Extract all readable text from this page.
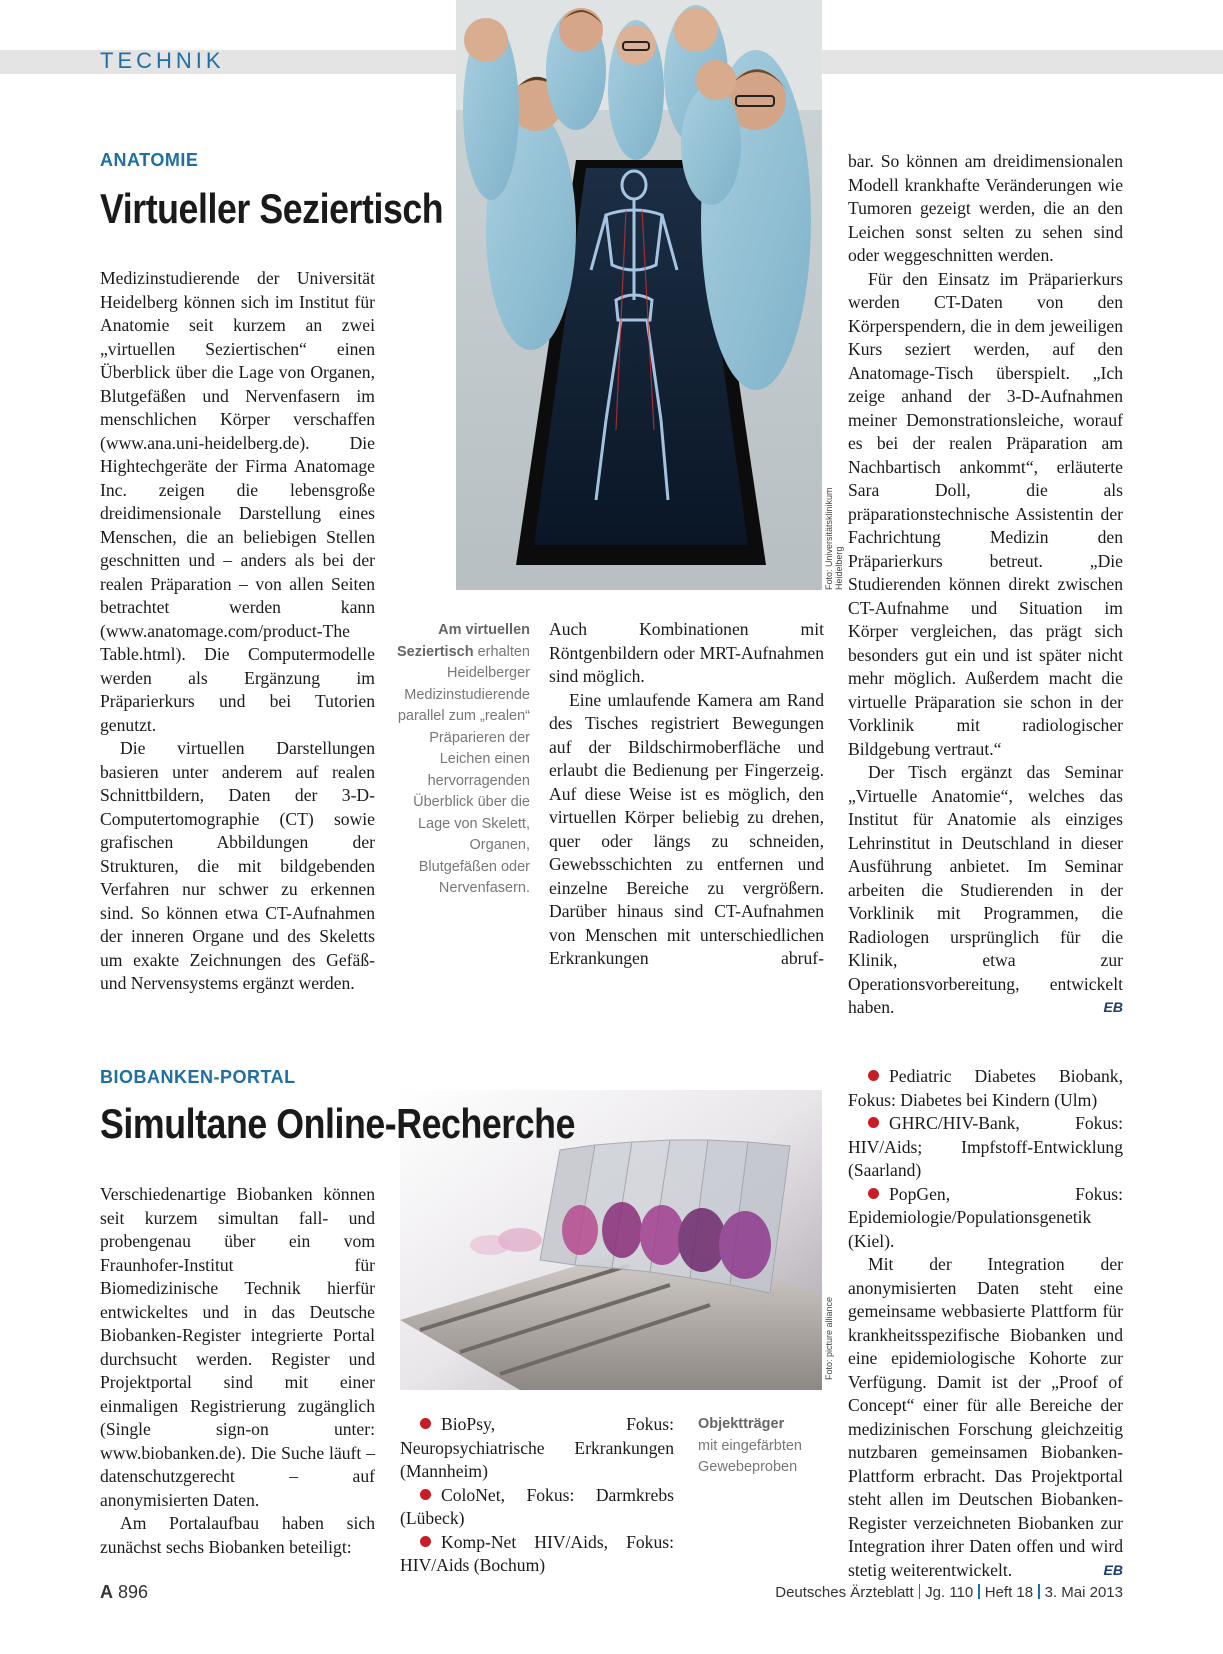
TECHNIK
ANATOMIE
Virtueller Seziertisch
Foto: Universitätsklinikum Heidelberg

Medizinstudierende der Universität Heidelberg können sich im Institut für Anatomie seit kurzem an zwei „virtuellen Seziertischen“ einen Überblick über die Lage von Organen, Blutgefäßen und Nervenfasern im menschlichen Körper verschaffen (www.ana.uni-heidelberg.de). Die Hightechgeräte der Firma Anatomage Inc. zeigen die lebensgroße dreidimensionale Darstellung eines Menschen, die an beliebigen Stellen geschnitten und – anders als bei der realen Präparation – von allen Seiten betrachtet werden kann (www.anatomage.com/product-The Table.html). Die Computermodelle werden als Ergänzung im Präparierkurs und bei Tutorien genutzt.

Die virtuellen Darstellungen basieren unter anderem auf realen Schnittbildern, Daten der 3-D-Computertomographie (CT) sowie grafischen Abbildungen der Strukturen, die mit bildgebenden Verfahren nur schwer zu erkennen sind. So können etwa CT-Aufnahmen der inneren Organe und des Skeletts um exakte Zeichnungen des Gefäß- und Nervensystems ergänzt werden.

Am virtuellen Seziertisch erhalten Heidelberger Medizinstudierende parallel zum „realen“ Präparieren der Leichen einen hervorragenden Überblick über die Lage von Skelett, Organen, Blutgefäßen oder Nervenfasern.

Auch Kombinationen mit Röntgenbildern oder MRT-Aufnahmen sind möglich.

Eine umlaufende Kamera am Rand des Tisches registriert Bewegungen auf der Bildschirmoberfläche und erlaubt die Bedienung per Fingerzeig. Auf diese Weise ist es möglich, den virtuellen Körper beliebig zu drehen, quer oder längs zu schneiden, Gewebsschichten zu entfernen und einzelne Bereiche zu vergrößern. Darüber hinaus sind CT-Aufnahmen von Menschen mit unterschiedlichen Erkrankungen abruf-

bar. So können am dreidimensionalen Modell krankhafte Veränderungen wie Tumoren gezeigt werden, die an den Leichen sonst selten zu sehen sind oder weggeschnitten werden.

Für den Einsatz im Präparierkurs werden CT-Daten von den Körperspendern, die in dem jeweiligen Kurs seziert werden, auf den Anatomage-Tisch überspielt. „Ich zeige anhand der 3-D-Aufnahmen meiner Demonstrationsleiche, worauf es bei der realen Präparation am Nachbartisch ankommt“, erläuterte Sara Doll, die als präparationstechnische Assistentin der Fachrichtung Medizin den Präparierkurs betreut. „Die Studierenden können direkt zwischen CT-Aufnahme und Situation im Körper vergleichen, das prägt sich besonders gut ein und ist später nicht mehr möglich. Außerdem macht die virtuelle Präparation sie schon in der Vorklinik mit radiologischer Bildgebung vertraut.“

Der Tisch ergänzt das Seminar „Virtuelle Anatomie“, welches das Institut für Anatomie als einziges Lehrinstitut in Deutschland in dieser Ausführung anbietet. Im Seminar arbeiten die Studierenden in der Vorklinik mit Programmen, die Radiologen ursprünglich für die Klinik, etwa zur Operationsvorbereitung, entwickelt haben.	EB

BIOBANKEN-PORTAL
Simultane Online-Recherche
Foto: picture alliance

Verschiedenartige Biobanken können seit kurzem simultan fall- und probengenau über ein vom Fraunhofer-Institut für Biomedizinische Technik hierfür entwickeltes und in das Deutsche Biobanken-Register integrierte Portal durchsucht werden. Register und Projektportal sind mit einer einmaligen Registrierung zugänglich (Single sign-on unter: www.biobanken.de). Die Suche läuft – datenschutzgerecht – auf anonymisierten Daten.

Am Portalaufbau haben sich zunächst sechs Biobanken beteiligt:

BioPsy, Fokus: Neuropsychiatrische Erkrankungen (Mannheim)

ColoNet, Fokus: Darmkrebs (Lübeck)

Komp-Net HIV/Aids, Fokus: HIV/Aids (Bochum)

Objektträger
mit eingefärbten Gewebeproben

Pediatric Diabetes Biobank, Fokus: Diabetes bei Kindern (Ulm)

GHRC/HIV-Bank, Fokus: HIV/Aids; Impfstoff-Entwicklung (Saarland)

PopGen, Fokus: Epidemiologie/Populationsgenetik (Kiel).

Mit der Integration der anonymisierten Daten steht eine gemeinsame webbasierte Plattform für krankheitsspezifische Biobanken und eine epidemiologische Kohorte zur Verfügung. Damit ist der „Proof of Concept“ einer für alle Bereiche der medizinischen Forschung gleichzeitig nutzbaren gemeinsamen Biobanken-Plattform erbracht. Das Projektportal steht allen im Deutschen Biobanken-Register verzeichneten Biobanken zur Integration ihrer Daten offen und wird stetig weiterentwickelt.	EB

A 896	Deutsches Ärzteblatt Jg. 110 Heft 18 3. Mai 2013
